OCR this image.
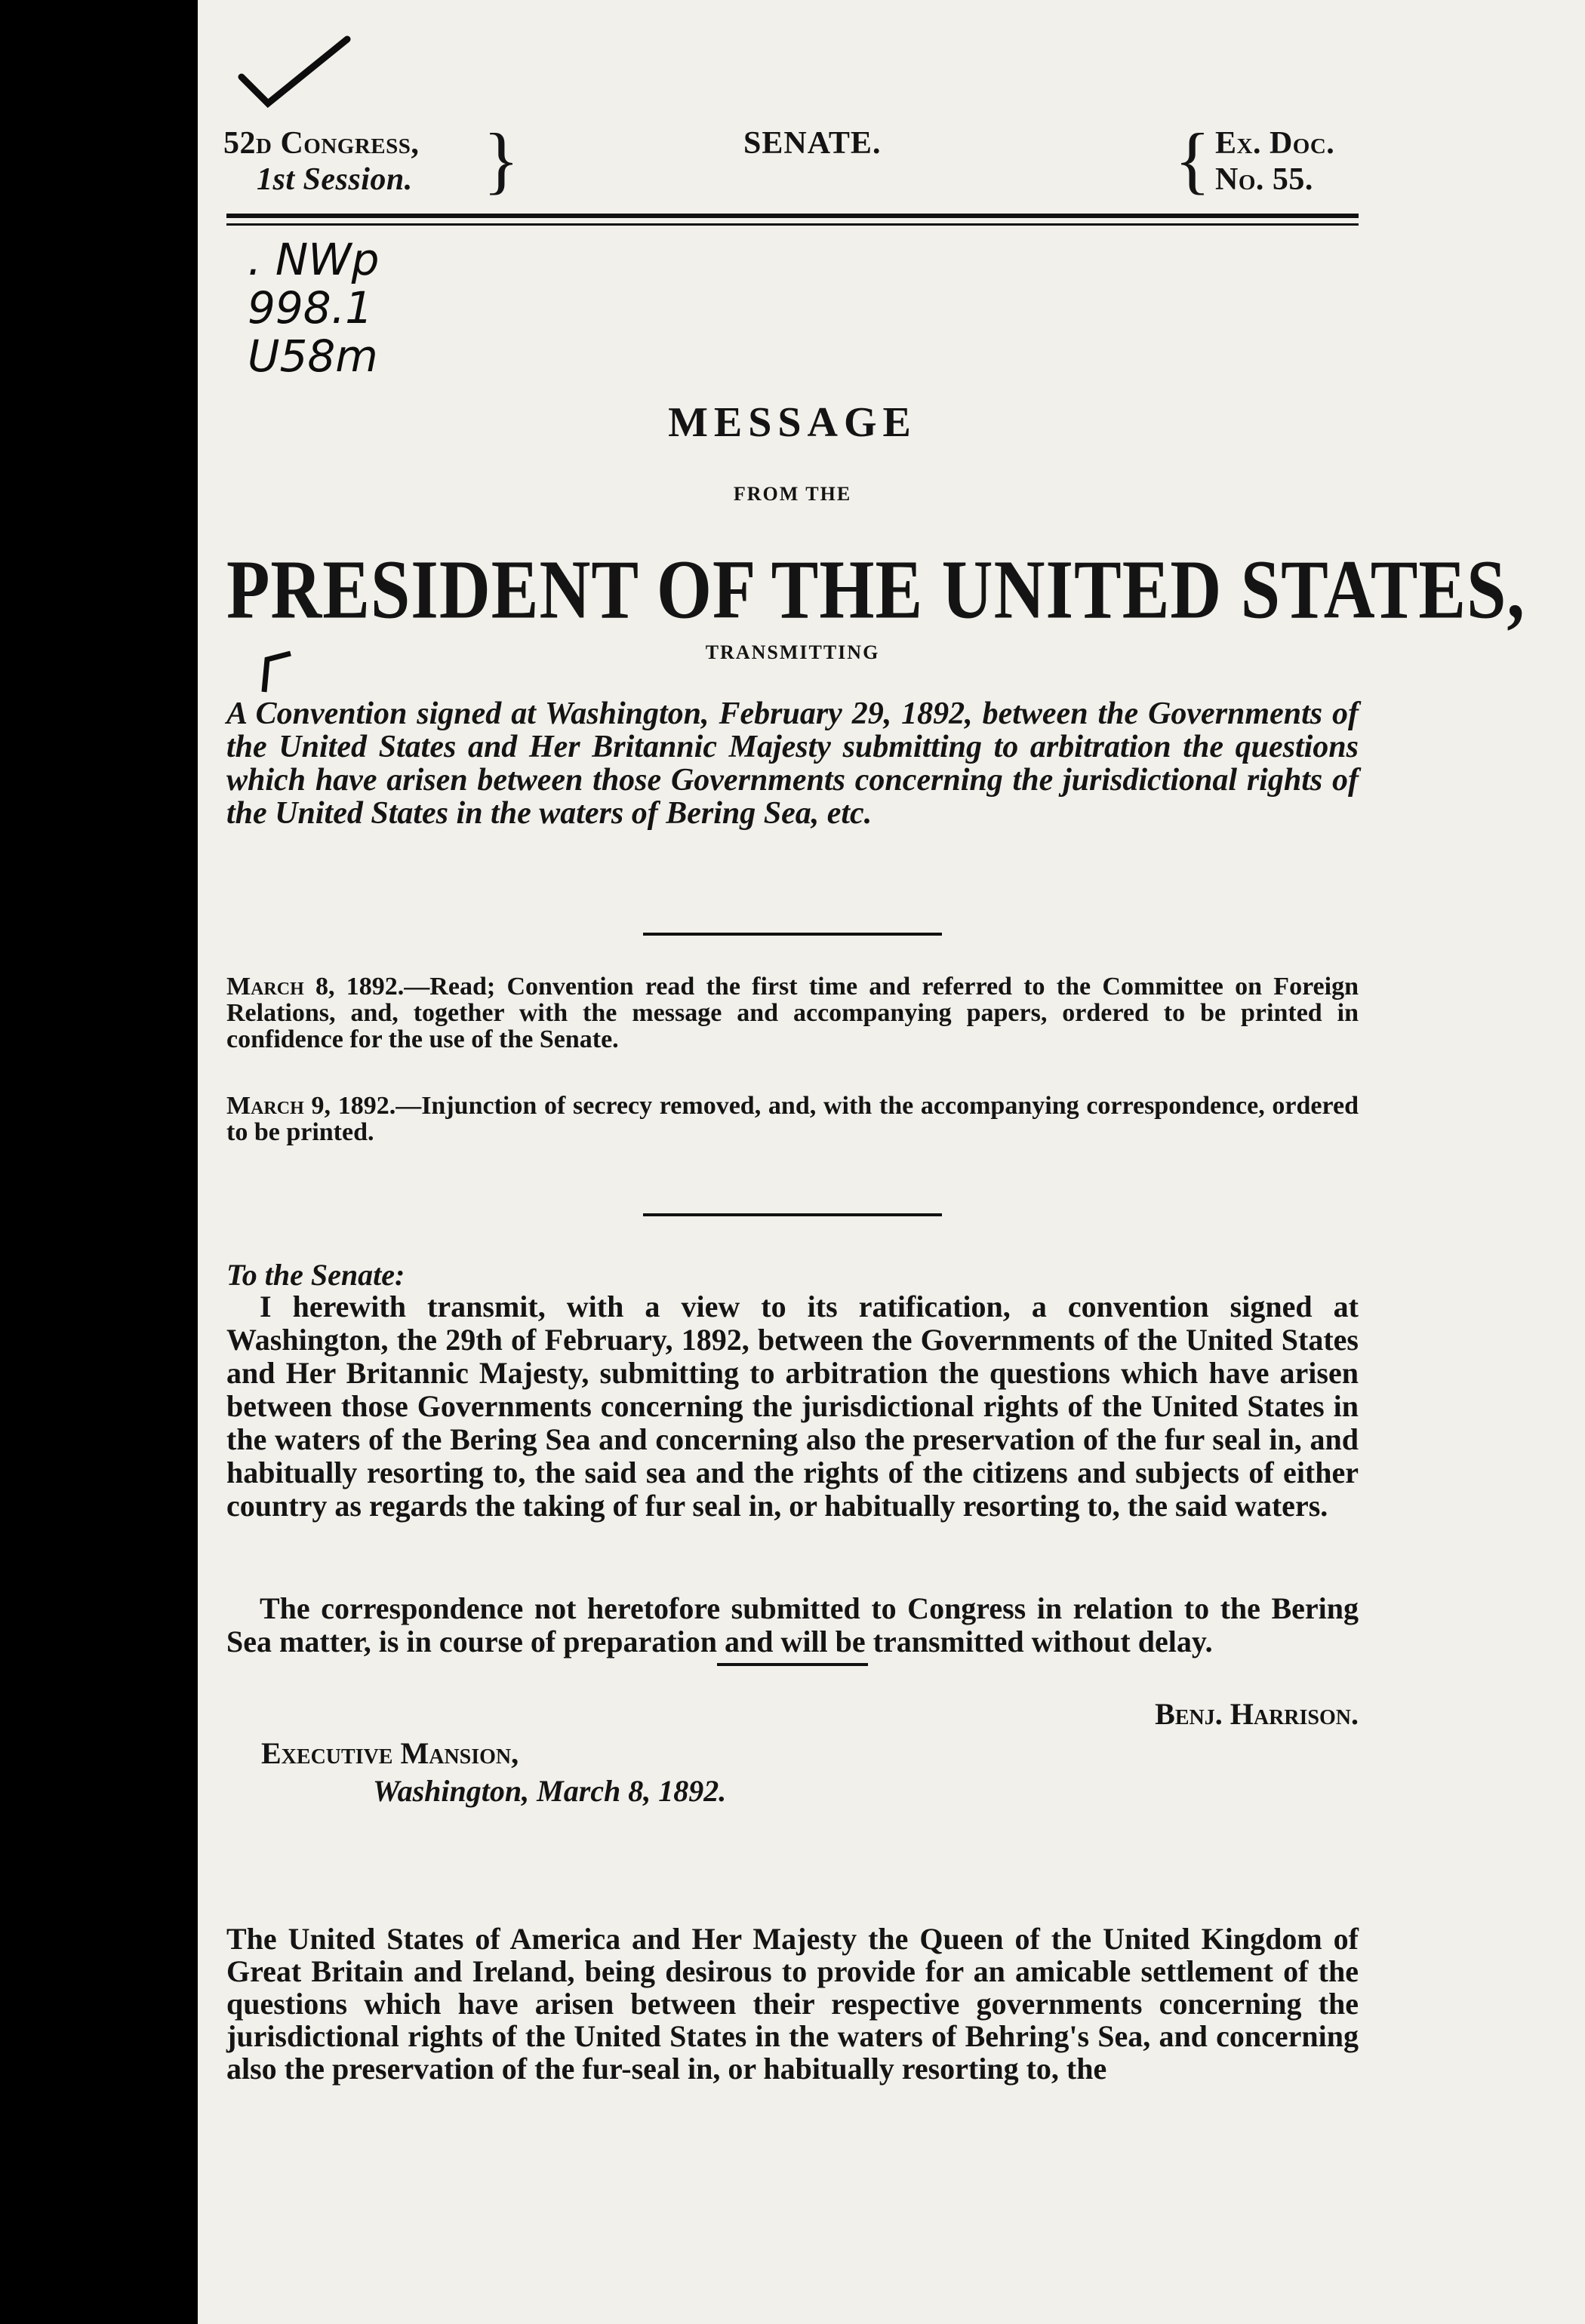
. NWp
998.1
U58m
52d Congress,
1st Session. }	SENATE.	{ Ex. Doc.
No. 55.
MESSAGE
FROM THE
PRESIDENT OF THE UNITED STATES,
TRANSMITTING
A Convention signed at Washington, February 29, 1892, between the Governments of the United States and Her Britannic Majesty submitting to arbitration the questions which have arisen between those Governments concerning the jurisdictional rights of the United States in the waters of Bering Sea, etc.
March 8, 1892.—Read; Convention read the first time and referred to the Committee on Foreign Relations, and, together with the message and accompanying papers, ordered to be printed in confidence for the use of the Senate.
March 9, 1892.—Injunction of secrecy removed, and, with the accompanying correspondence, ordered to be printed.
To the Senate:
I herewith transmit, with a view to its ratification, a convention signed at Washington, the 29th of February, 1892, between the Governments of the United States and Her Britannic Majesty, submitting to arbitration the questions which have arisen between those Governments concerning the jurisdictional rights of the United States in the waters of the Bering Sea and concerning also the preservation of the fur seal in, and habitually resorting to, the said sea and the rights of the citizens and subjects of either country as regards the taking of fur seal in, or habitually resorting to, the said waters.
The correspondence not heretofore submitted to Congress in relation to the Bering Sea matter, is in course of preparation and will be transmitted without delay.
Benj. Harrison.
Executive Mansion,
Washington, March 8, 1892.
The United States of America and Her Majesty the Queen of the United Kingdom of Great Britain and Ireland, being desirous to provide for an amicable settlement of the questions which have arisen between their respective governments concerning the jurisdictional rights of the United States in the waters of Behring's Sea, and concerning also the preservation of the fur-seal in, or habitually resorting to, the
